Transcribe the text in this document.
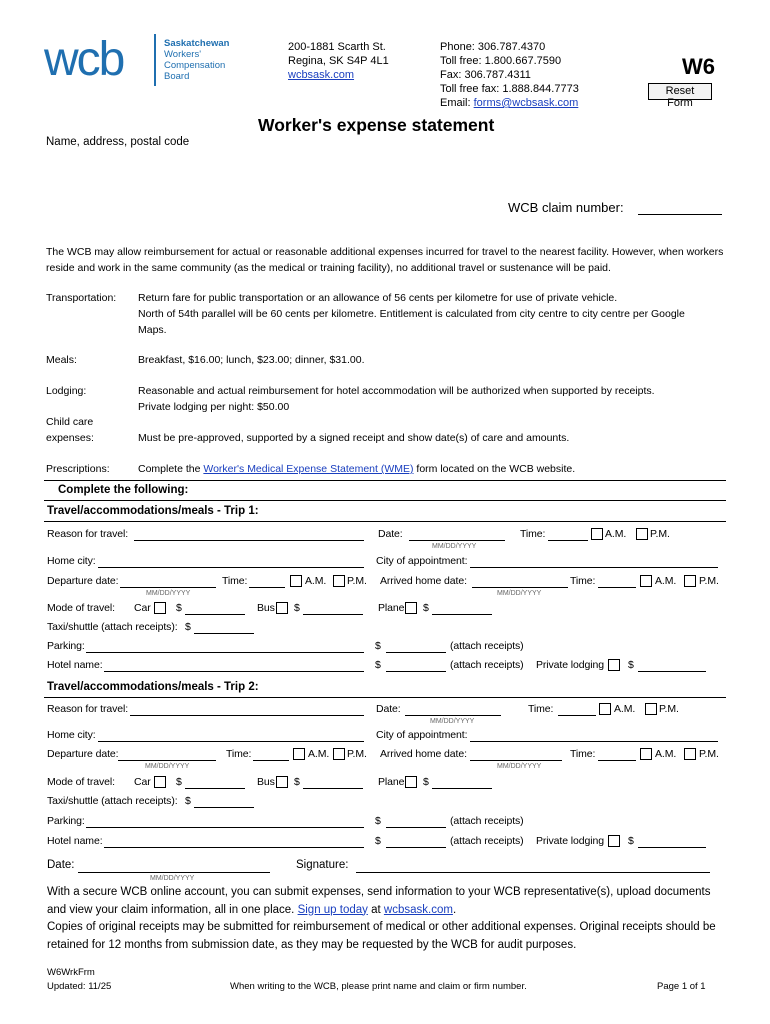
wcb	Saskatchewan
Workers'
Compensation
Board
200-1881 Scarth St.
Regina, SK S4P 4L1
wcbsask.com
Phone: 306.787.4370
Toll free: 1.800.667.7590
Fax: 306.787.4311
Toll free fax: 1.888.844.7773
Email: forms@wcbsask.com
W6
Reset Form
Worker's expense statement
Name, address, postal code
WCB claim number:
The WCB may allow reimbursement for actual or reasonable additional expenses incurred for travel to the nearest facility. However, when workers
reside and work in the same community (as the medical or training facility), no additional travel or sustenance will be paid.
Transportation: Return fare for public transportation or an allowance of 56 cents per kilometre for use of private vehicle.
North of 54th parallel will be 60 cents per kilometre. Entitlement is calculated from city centre to city centre per Google
Maps.
Meals:	Breakfast, $16.00; lunch, $23.00; dinner, $31.00.
Lodging:	Reasonable and actual reimbursement for hotel accommodation will be authorized when supported by receipts.
Private lodging per night: $50.00
Child care
expenses:	Must be pre-approved, supported by a signed receipt and show date(s) of care and amounts.
Prescriptions:	Complete the Worker's Medical Expense Statement (WME) form located on the WCB website.
Complete the following:
Travel/accommodations/meals - Trip 1:
Reason for travel:	Date:
MM/DD/YYYY
Time:	A.M. P.M.
Home city:	City of appointment:
Departure date:
MM/DD/YYYY
Time:	A.M. P.M. Arrived home date:
MM/DD/YYYY
Time:	A.M. P.M.
Mode of travel: Car $	Bus $	Plane $
Taxi/shuttle (attach receipts): $
Parking:	$	(attach receipts)
Hotel name:	$	(attach receipts) Private lodging $
Travel/accommodations/meals - Trip 2:
Reason for travel:	Date:
MM/DD/YYYY
Time:	A.M. P.M.
Home city:	City of appointment:
Departure date:
MM/DD/YYYY
Time:	A.M. P.M. Arrived home date:
MM/DD/YYYY
Time:	A.M. P.M.
Mode of travel: Car $	Bus $	Plane $
Taxi/shuttle (attach receipts): $
Parking:	$	(attach receipts)
Hotel name:	$	(attach receipts) Private lodging $
Date:
MM/DD/YYYY
Signature:
With a secure WCB online account, you can submit expenses, send information to your WCB representative(s), upload documents
and view your claim information, all in one place. Sign up today at wcbsask.com.
Copies of original receipts may be submitted for reimbursement of medical or other additional expenses. Original receipts should be
retained for 12 months from submission date, as they may be requested by the WCB for audit purposes.
W6WrkFrm
Updated: 11/25	When writing to the WCB, please print name and claim or firm number.	Page 1 of 1
